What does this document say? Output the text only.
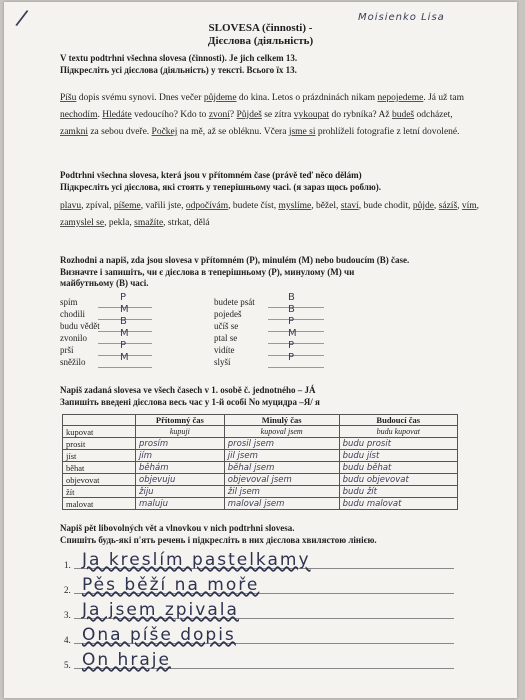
/	Moisienko Lisa
SLOVESA (činnosti) -
Дієслова (діяльність)
V textu podtrhni všechna slovesa (činnosti). Je jich celkem 13.
Підкресліть усі дієслова (діяльність) у тексті. Всього їх 13.
Píšu dopis svému synovi. Dnes večer půjdeme do kina. Letos o prázdninách nikam nepojedeme. Já už tam nechodím. Hledáte vedoucího? Kdo to zvoní? Půjdeš se zítra vykoupat do rybníka? Až budeš odcházet, zamkni za sebou dveře. Počkej na mě, až se obléknu. Včera jsme si prohlíželi fotografie z letní dovolené.
Podtrhni všechna slovesa, která jsou v přítomném čase (právě teď něco dělám)
Підкресліть усі дієслова, які стоять у теперішньому часі. (я зараз щось роблю).
plavu, zpíval, píšeme, vařili jste, odpočívám, budete číst, myslíme, běžel, staví, bude chodit, půjde, sázíš, vím, zamyslel se, pekla, smažíte, strkat, dělá
Rozhodni a napiš, zda jsou slovesa v přítomném (P), minulém (M) nebo budoucím (B) čase.
Визначте і запишіть, чи є дієслова в теперішньому (P), минулому (M) чи
майбутньому (B) часі.
spím	P
chodili	M
budu vědět B
zvonilo	M
prší	P
sněžilo	M
budete psát	B
pojedeš	B
učíš se	P
ptal se	M
vidíte	P
slyší	P
Napiš zadaná slovesa ve všech časech v 1. osobě č. jednotného – JÁ
Запишіть введені дієслова весь час у 1-й особі No муцидра –Я/ я
	Přítomný čas	Minulý čas	Budoucí čas
kupovat	kupuji	kupoval jsem	budu kupovat
prosit	prosím	prosil jsem	budu prosit
jíst	jím	jil jsem	budu jíst
běhat	běhám	běhal jsem	budu běhat
objevovat	objevuju	objevoval jsem	budu objevovat
žít	žiju	žil jsem	budu žít
malovat	maluju	maloval jsem	budu malovat
Napiš pět libovolných vět a vlnovkou v nich podtrhni slovesa.
Спишіть будь-які п'ять речень і підкресліть в них дієслова хвилястою лінією.
1. Ja kreslím pastelkamy
2. Pěs běží na moře
3. Ja jsem zpivala
4. Ona píše dopis
5. On hraje
